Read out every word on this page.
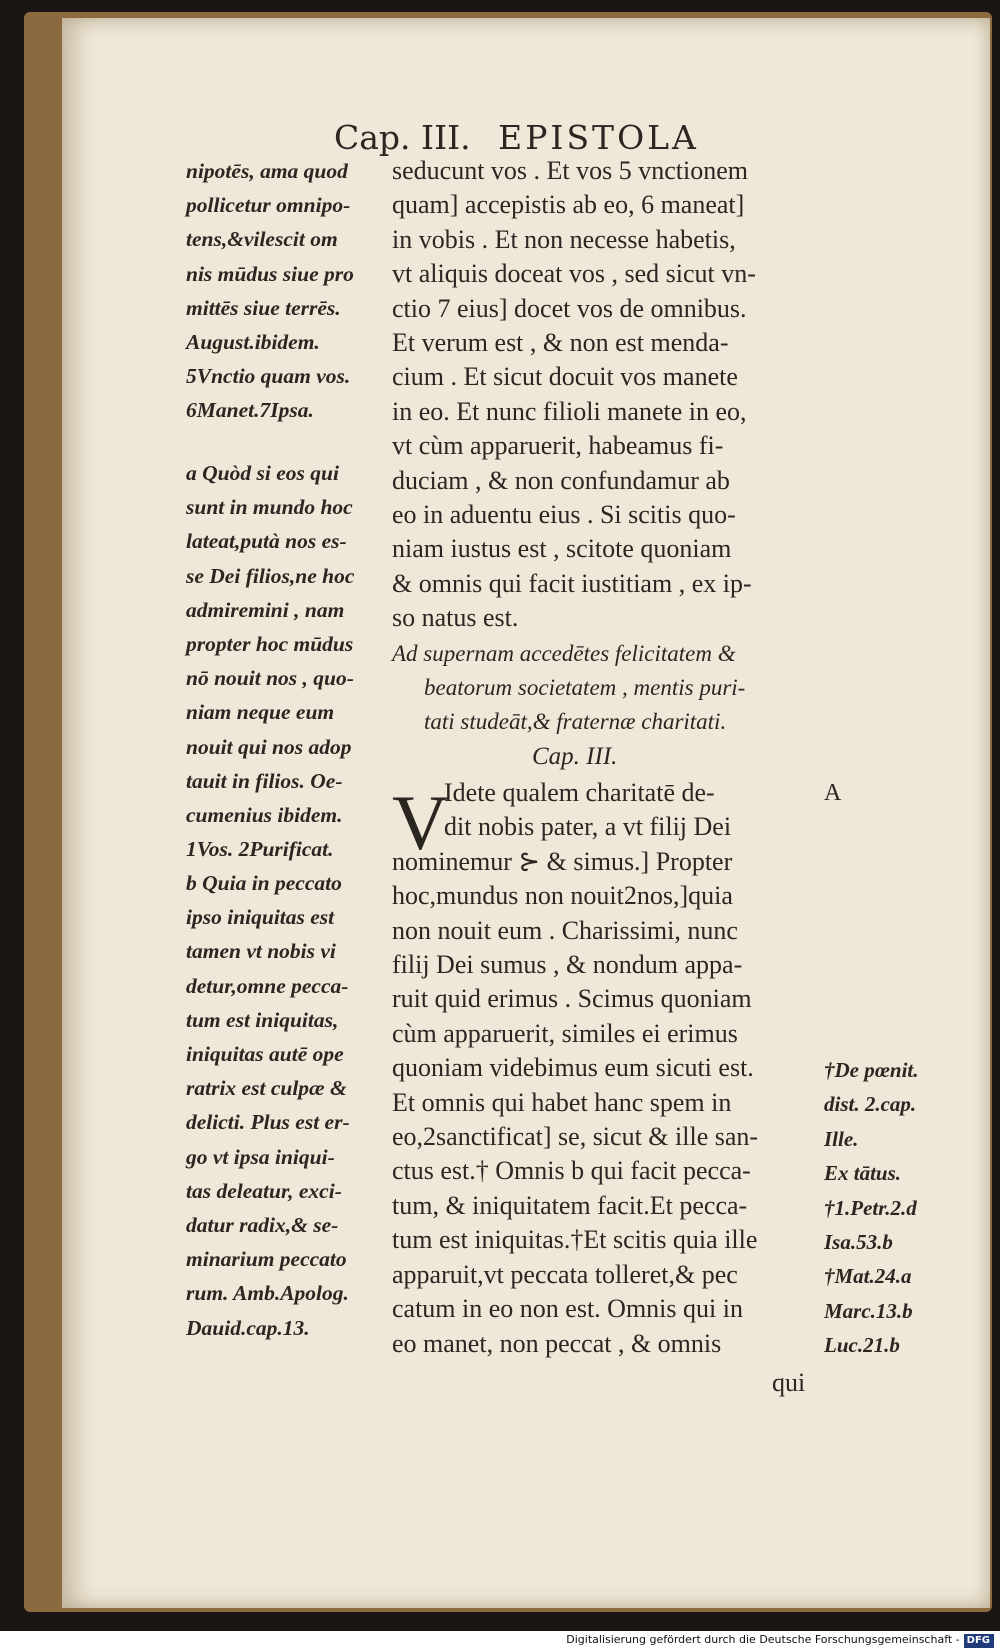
Cap. III. EPISTOLA
nipotēs, ama quod
pollicetur omnipo-
tens,&vilescit om
nis mūdus siue pro
mittēs siue terrēs.
August.ibidem.
5Vnctio quam vos.
6Manet.7Ipsa.
a Quòd si eos qui
sunt in mundo hoc
lateat,putà nos es-
se Dei filios,ne hoc
admiremini , nam
propter hoc mūdus
nō nouit nos , quo-
niam neque eum
nouit qui nos adop
tauit in filios. Oe-
cumenius ibidem.
1Vos. 2Purificat.
b Quia in peccato
ipso iniquitas est
tamen vt nobis vi
detur,omne pecca-
tum est iniquitas,
iniquitas autē ope
ratrix est culpæ &
delicti. Plus est er-
go vt ipsa iniqui-
tas deleatur, exci-
datur radix,& se-
minarium peccato
rum. Amb.Apolog.
Dauid.cap.13.
seducunt vos . Et vos 5 vnctionem
quam] accepistis ab eo, 6 maneat]
in vobis . Et non necesse habetis,
vt aliquis doceat vos , sed sicut vn-
ctio 7 eius] docet vos de omnibus.
Et verum est , & non est menda-
cium . Et sicut docuit vos manete
in eo. Et nunc filioli manete in eo,
vt cùm apparuerit, habeamus fi-
duciam , & non confundamur ab
eo in aduentu eius . Si scitis quo-
niam iustus est , scitote quoniam
& omnis qui facit iustitiam , ex ip-
so natus est.
Ad supernam accedētes felicitatem &
beatorum societatem , mentis puri-
tati studeāt,& fraternæ charitati.
Cap. III.
V
Idete qualem charitatē de-
dit nobis pater, a vt filij Dei
nominemur ⊱ & simus.] Propter
hoc,mundus non nouit2nos,]quia
non nouit eum . Charissimi, nunc
filij Dei sumus , & nondum appa-
ruit quid erimus . Scimus quoniam
cùm apparuerit, similes ei erimus
quoniam videbimus eum sicuti est.
Et omnis qui habet hanc spem in
eo,2sanctificat] se, sicut & ille san-
ctus est.† Omnis b qui facit pecca-
tum, & iniquitatem facit.Et pecca-
tum est iniquitas.†Et scitis quia ille
apparuit,vt peccata tolleret,& pec
catum in eo non est. Omnis qui in
eo manet, non peccat , & omnis
qui
A
†De pœnit.
dist. 2.cap.
Ille.
Ex tātus.
†1.Petr.2.d
Isa.53.b
†Mat.24.a
Marc.13.b
Luc.21.b
Digitalisierung gefördert durch die Deutsche Forschungsgemeinschaft - DFG
